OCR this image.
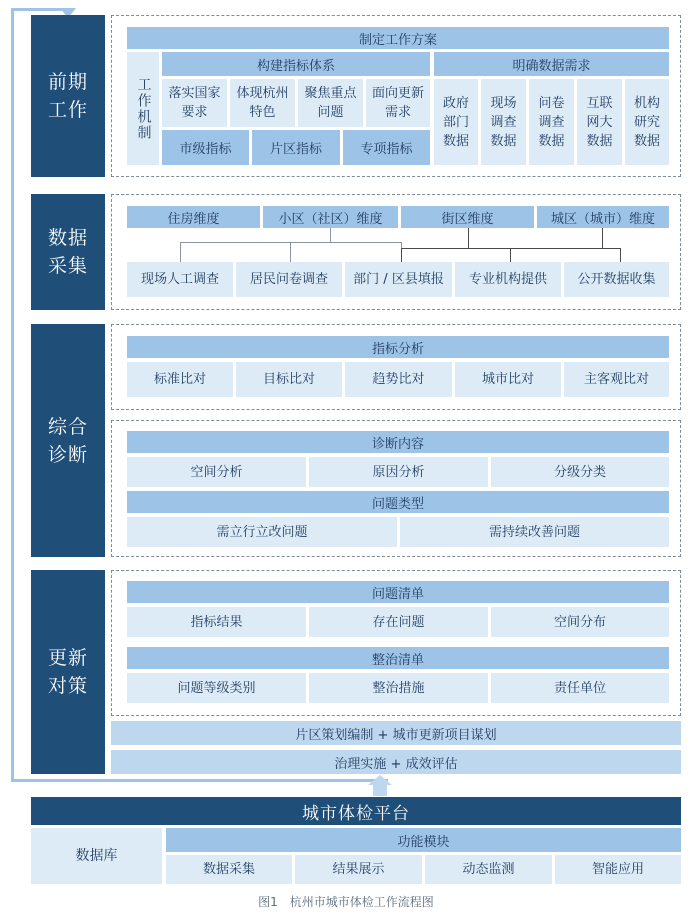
前期工作
数据采集
综合诊断
更新对策
制定工作方案
工作机制
构建指标体系
落实国家要求
体现杭州特色
聚焦重点问题
面向更新需求
市级指标	片区指标	专项指标
明确数据需求
政府部门数据
现场调查数据
问卷调查数据
互联网大数据
机构研究数据
住房维度	小区（社区）维度	街区维度	城区（城市）维度
现场人工调查	居民问卷调查	部门 / 区县填报	专业机构提供	公开数据收集
指标分析
标准比对	目标比对	趋势比对	城市比对	主客观比对
诊断内容
空间分析	原因分析	分级分类
问题类型
需立行立改问题	需持续改善问题
问题清单
指标结果	存在问题	空间分布
整治清单
问题等级类别	整治措施	责任单位
片区策划编制 + 城市更新项目谋划
治理实施 + 成效评估
城市体检平台
数据库
功能模块
数据采集	结果展示	动态监测	智能应用
图1　杭州市城市体检工作流程图
